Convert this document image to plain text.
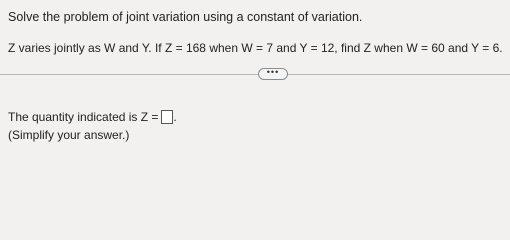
Solve the problem of joint variation using a constant of variation.
Z varies jointly as W and Y. If Z = 168 when W = 7 and Y = 12, find Z when W = 60 and Y = 6.
•••
The quantity indicated is Z = .
(Simplify your answer.)
